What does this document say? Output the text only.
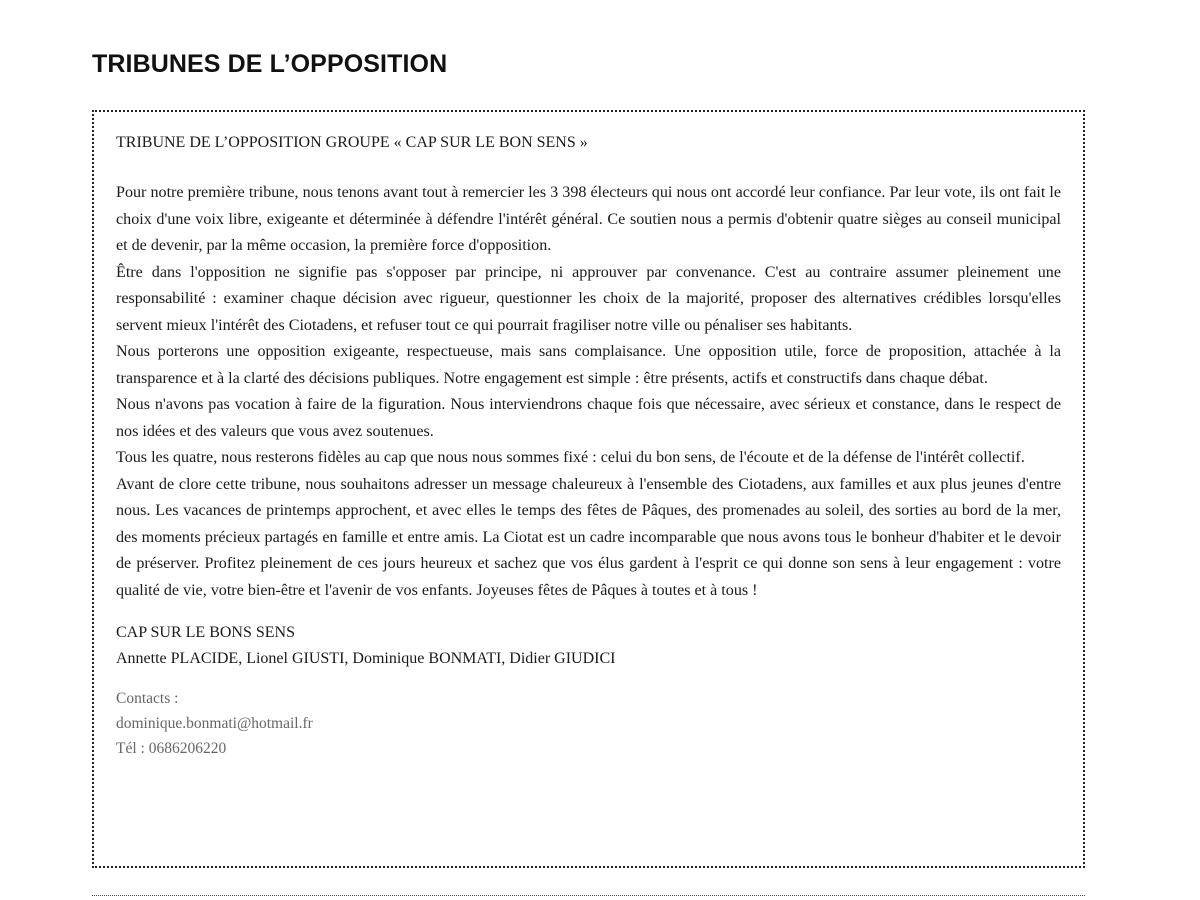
TRIBUNES DE L’OPPOSITION
TRIBUNE DE L’OPPOSITION GROUPE « CAP SUR LE BON SENS »

Pour notre première tribune, nous tenons avant tout à remercier les 3 398 électeurs qui nous ont accordé leur confiance. Par leur vote, ils ont fait le choix d'une voix libre, exigeante et déterminée à défendre l'intérêt général. Ce soutien nous a permis d'obtenir quatre sièges au conseil municipal et de devenir, par la même occasion, la première force d'opposition.

Être dans l'opposition ne signifie pas s'opposer par principe, ni approuver par convenance. C'est au contraire assumer pleinement une responsabilité : examiner chaque décision avec rigueur, questionner les choix de la majorité, proposer des alternatives crédibles lorsqu'elles servent mieux l'intérêt des Ciotadens, et refuser tout ce qui pourrait fragiliser notre ville ou pénaliser ses habitants.

Nous porterons une opposition exigeante, respectueuse, mais sans complaisance. Une opposition utile, force de proposition, attachée à la transparence et à la clarté des décisions publiques. Notre engagement est simple : être présents, actifs et constructifs dans chaque débat.

Nous n'avons pas vocation à faire de la figuration. Nous interviendrons chaque fois que nécessaire, avec sérieux et constance, dans le respect de nos idées et des valeurs que vous avez soutenues.

Tous les quatre, nous resterons fidèles au cap que nous nous sommes fixé : celui du bon sens, de l'écoute et de la défense de l'intérêt collectif.

Avant de clore cette tribune, nous souhaitons adresser un message chaleureux à l'ensemble des Ciotadens, aux familles et aux plus jeunes d'entre nous. Les vacances de printemps approchent, et avec elles le temps des fêtes de Pâques, des promenades au soleil, des sorties au bord de la mer, des moments précieux partagés en famille et entre amis. La Ciotat est un cadre incomparable que nous avons tous le bonheur d'habiter et le devoir de préserver. Profitez pleinement de ces jours heureux et sachez que vos élus gardent à l'esprit ce qui donne son sens à leur engagement : votre qualité de vie, votre bien-être et l'avenir de vos enfants. Joyeuses fêtes de Pâques à toutes et à tous !

CAP SUR LE BONS SENS
Annette PLACIDE, Lionel GIUSTI, Dominique BONMATI, Didier GIUDICI
Contacts :
dominique.bonmati@hotmail.fr
Tél : 0686206220
